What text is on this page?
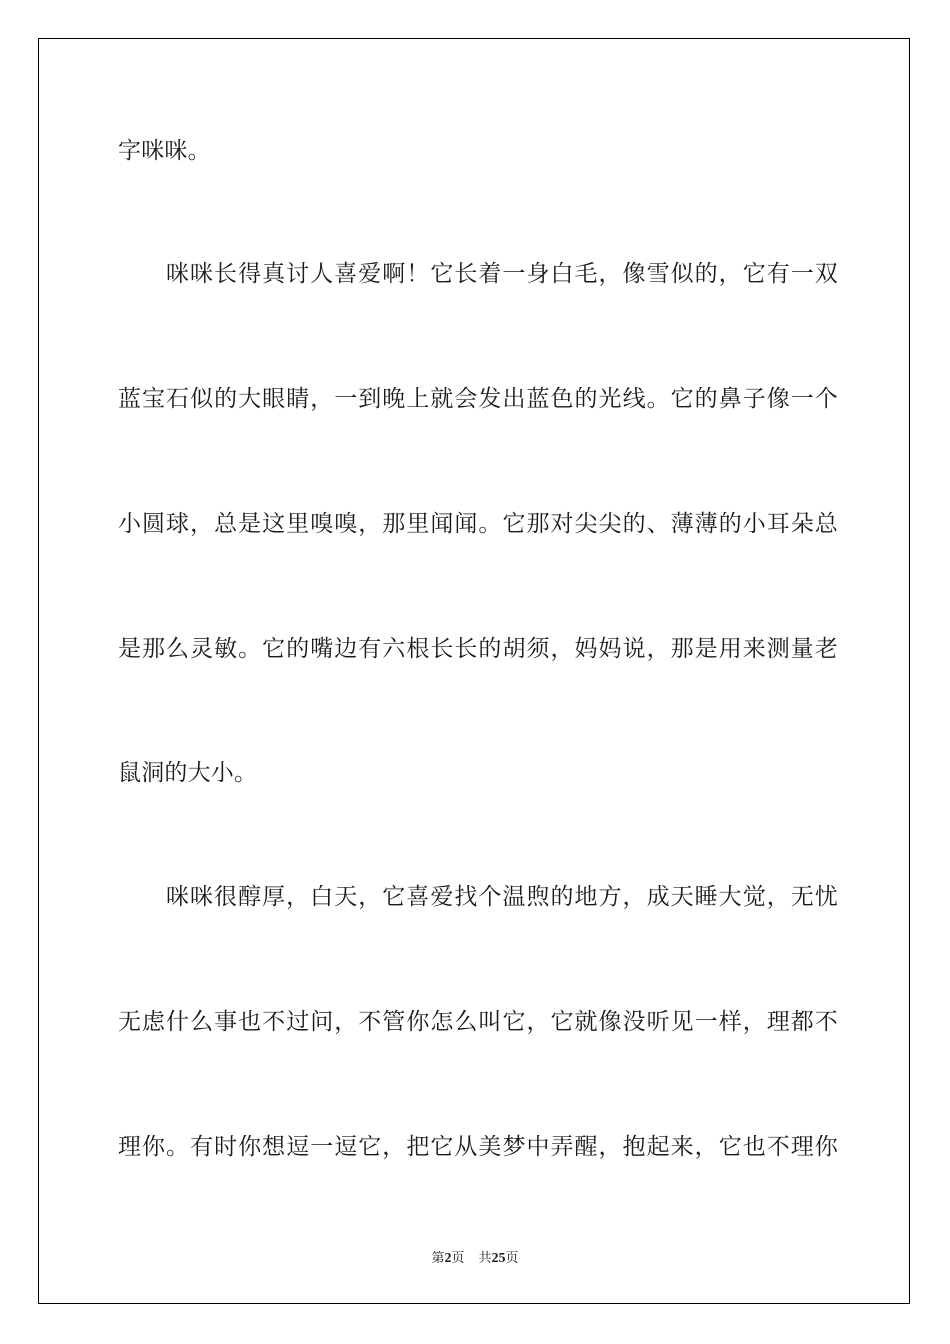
字咪咪。
咪咪长得真讨人喜爱啊！它长着一身白毛，像雪似的，它有一双
蓝宝石似的大眼睛，一到晚上就会发出蓝色的光线。它的鼻子像一个
小圆球，总是这里嗅嗅，那里闻闻。它那对尖尖的、薄薄的小耳朵总
是那么灵敏。它的嘴边有六根长长的胡须，妈妈说，那是用来测量老
鼠洞的大小。
咪咪很醇厚，白天，它喜爱找个温煦的地方，成天睡大觉，无忧
无虑什么事也不过问，不管你怎么叫它，它就像没听见一样，理都不
理你。有时你想逗一逗它，把它从美梦中弄醒，抱起来，它也不理你
第2页 共25页
